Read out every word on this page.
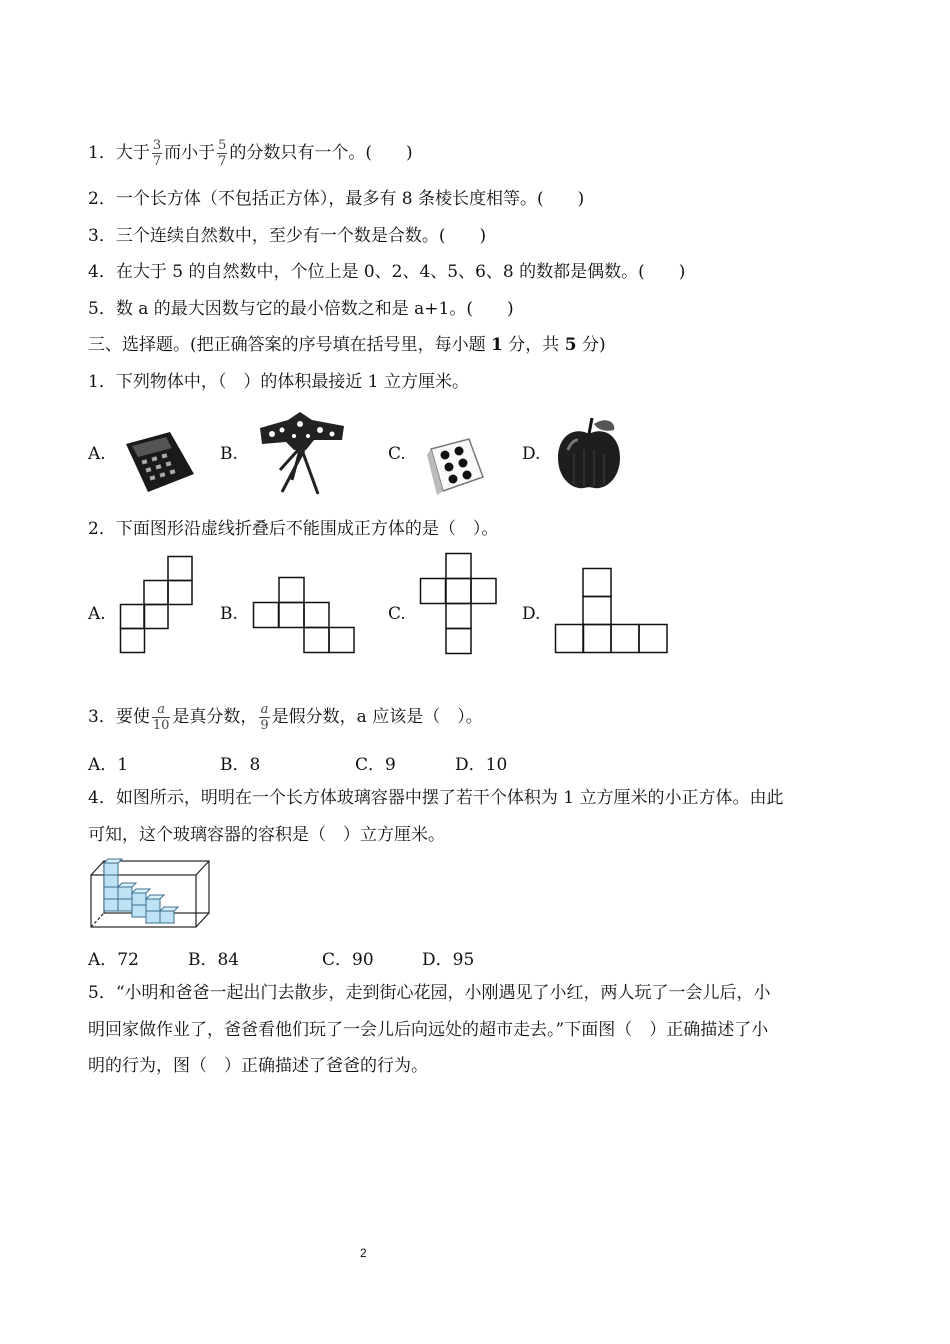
1．大于 $\frac{3}{7}$ 而小于 $\frac{5}{7}$ 的分数只有一个。(　　)
2．一个长方体（不包括正方体），最多有 8 条棱长度相等。(　　)
3．三个连续自然数中，至少有一个数是合数。(　　)
4．在大于 5 的自然数中，个位上是 0、2、4、5、6、8 的数都是偶数。(　　)
5．数 a 的最大因数与它的最小倍数之和是 a+1。(　　)
三、选择题。(把正确答案的序号填在括号里，每小题 1 分，共 5 分)
1．下列物体中，（　）的体积最接近 1 立方厘米。
A.	B.	C.	D.
2．下面图形沿虚线折叠后不能围成正方体的是（　）。
A.	B.	C.	D.
3．要使 $\frac{a}{10}$ 是真分数， $\frac{a}{9}$ 是假分数，a 应该是（　）。
A．1	B．8	C．9	D．10
4．如图所示，明明在一个长方体玻璃容器中摆了若干个体积为 1 立方厘米的小正方体。由此
可知，这个玻璃容器的容积是（　）立方厘米。
A．72	B．84	C．90	D．95
5．“小明和爸爸一起出门去散步，走到街心花园，小刚遇见了小红，两人玩了一会儿后，小
明回家做作业了，爸爸看他们玩了一会儿后向远处的超市走去。”下面图（　）正确描述了小
明的行为，图（　）正确描述了爸爸的行为。
2
